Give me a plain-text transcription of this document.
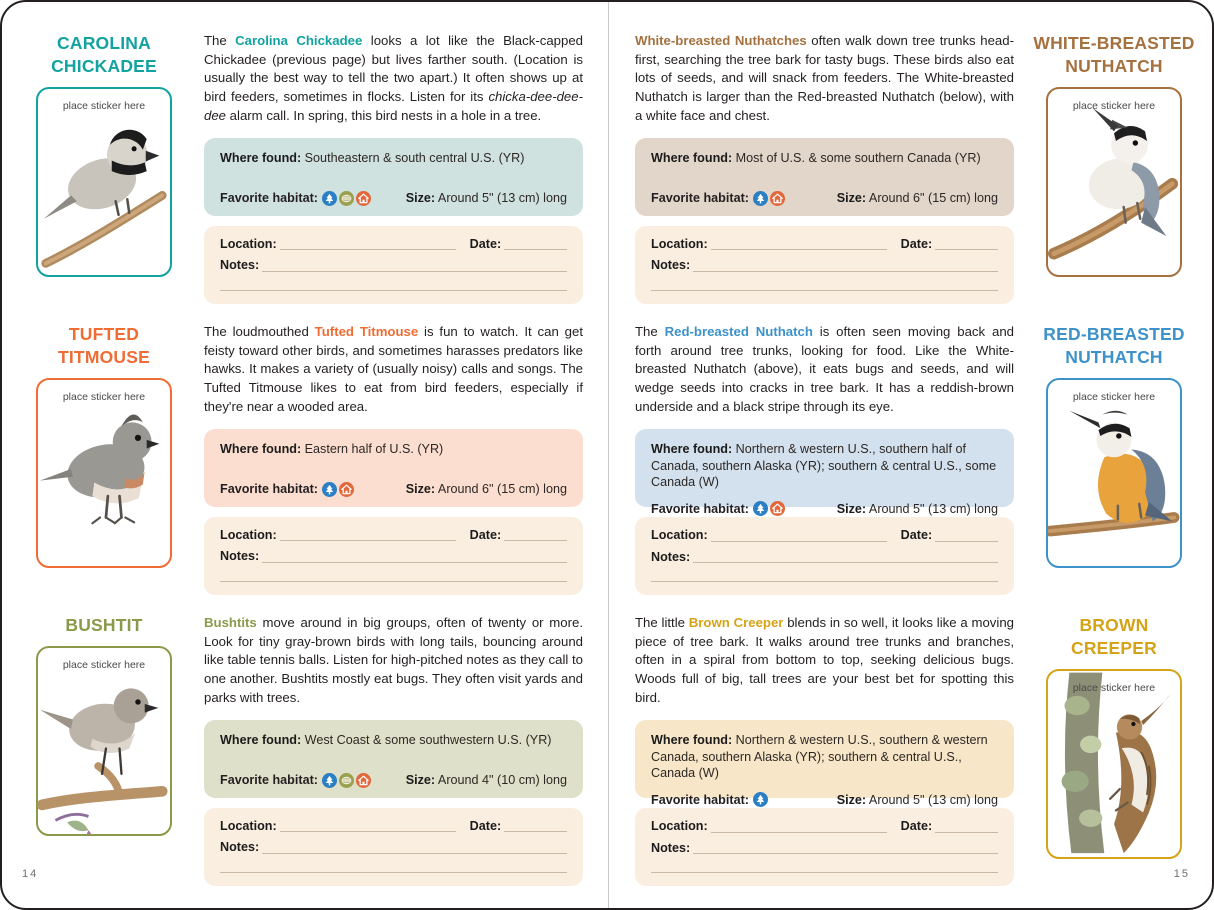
CAROLINA
CHICKADEE
place sticker here

The Carolina Chickadee looks a lot like the Black-capped Chickadee (previous page) but lives farther south. (Location is usually the best way to tell the two apart.) It often shows up at bird feeders, sometimes in flocks. Listen for its chicka-dee-dee-dee alarm call. In spring, this bird nests in a hole in a tree.

Where found: Southeastern & south central U.S. (YR)
Favorite habitat:	Size: Around 5" (13 cm) long
Location:	Date:
Notes:
TUFTED
TITMOUSE
place sticker here

The loudmouthed Tufted Titmouse is fun to watch. It can get feisty toward other birds, and sometimes harasses predators like hawks. It makes a variety of (usually noisy) calls and songs. The Tufted Titmouse likes to eat from bird feeders, especially if they're near a wooded area.

Where found: Eastern half of U.S. (YR)
Favorite habitat:	Size: Around 6" (15 cm) long
Location:	Date:
Notes:
BUSHTIT
place sticker here

Bushtits move around in big groups, often of twenty or more. Look for tiny gray-brown birds with long tails, bouncing around like table tennis balls. Listen for high-pitched notes as they call to one another. Bushtits mostly eat bugs. They often visit yards and parks with trees.

Where found: West Coast & some southwestern U.S. (YR)
Favorite habitat:	Size: Around 4" (10 cm) long
Location:	Date:
Notes:
WHITE-BREASTED
NUTHATCH
place sticker here

White-breasted Nuthatches often walk down tree trunks head-first, searching the tree bark for tasty bugs. These birds also eat lots of seeds, and will snack from feeders. The White-breasted Nuthatch is larger than the Red-breasted Nuthatch (below), with a white face and chest.

Where found: Most of U.S. & some southern Canada (YR)
Favorite habitat:	Size: Around 6" (15 cm) long
Location:	Date:
Notes:
RED-BREASTED
NUTHATCH
place sticker here

The Red-breasted Nuthatch is often seen moving back and forth around tree trunks, looking for food. Like the White-breasted Nuthatch (above), it eats bugs and seeds, and will wedge seeds into cracks in tree bark. It has a reddish-brown underside and a black stripe through its eye.

Where found: Northern & western U.S., southern half of Canada, southern Alaska (YR); southern & central U.S., some Canada (W)
Favorite habitat:	Size: Around 5" (13 cm) long
Location:	Date:
Notes:
BROWN
CREEPER
place sticker here

The little Brown Creeper blends in so well, it looks like a moving piece of tree bark. It walks around tree trunks and branches, often in a spiral from bottom to top, seeking delicious bugs. Woods full of big, tall trees are your best bet for spotting this bird.

Where found: Northern & western U.S., southern & western Canada, southern Alaska (YR); southern & central U.S., Canada (W)
Favorite habitat:	Size: Around 5" (13 cm) long
Location:	Date:
Notes:
14	15
